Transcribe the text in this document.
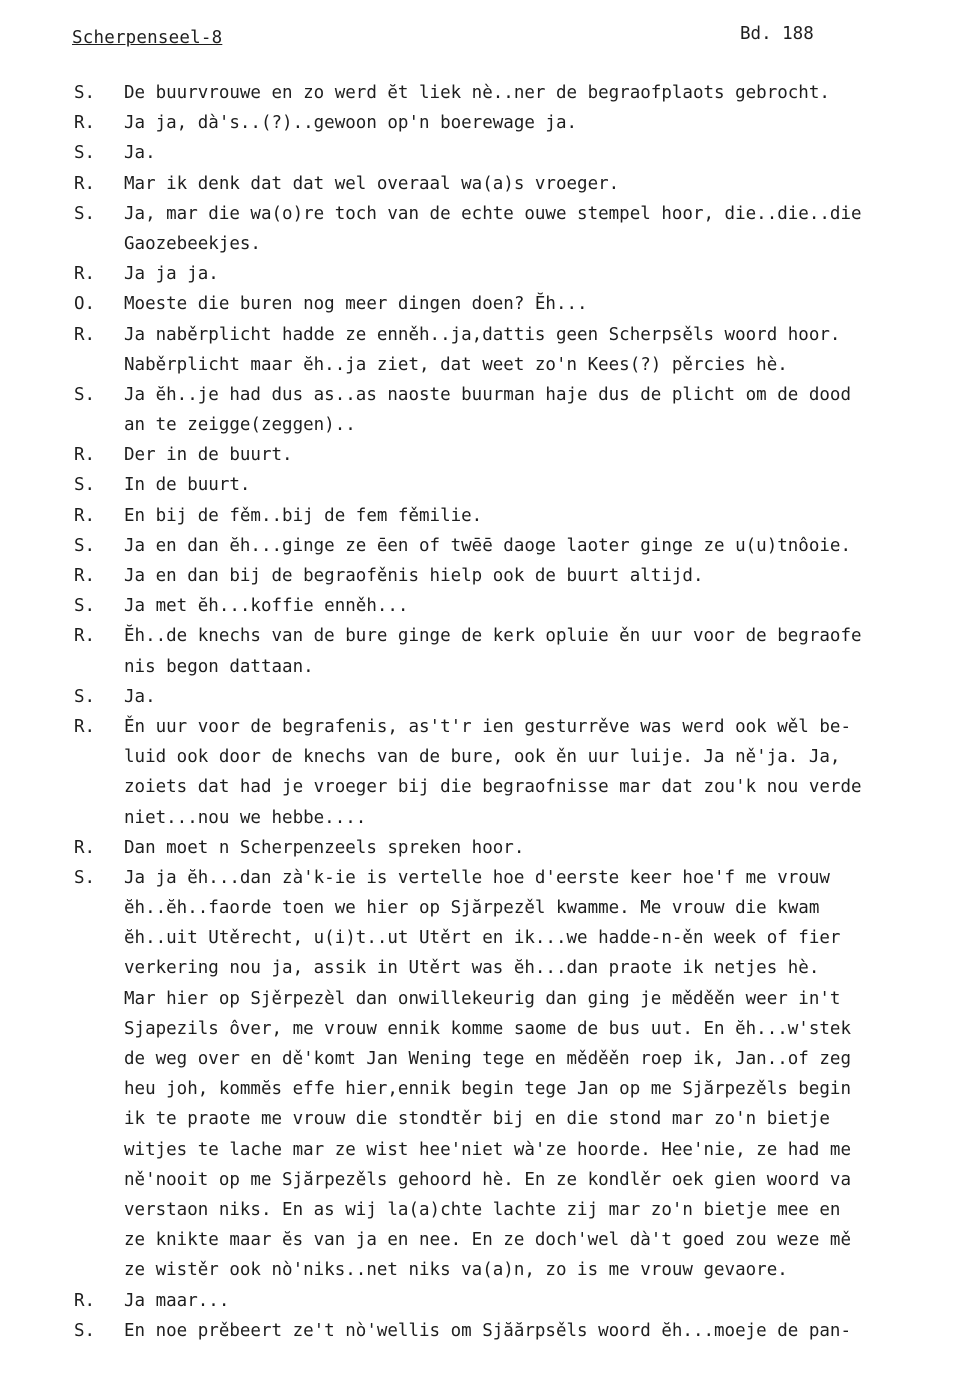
Scherpenseel-8	Bd. 188
S. De buurvrouwe en zo werd ĕt liek nè..ner de begraofplaots gebrocht.
R. Ja ja, dà's..(?)..gewoon op'n boerewage ja.
S. Ja.
R. Mar ik denk dat dat wel overaal wa(a)s vroeger.
S. Ja, mar die wa(o)re toch van de echte ouwe stempel hoor, die..die..die
Gaozebeekjes.
R. Ja ja ja.
O. Moeste die buren nog meer dingen doen? Ĕh...
R. Ja naběrplicht hadde ze enněh..ja,dattis geen Scherpsěls woord hoor.
Naběrplicht maar ĕh..ja ziet, dat weet zo'n Kees(?) pěrcies hè.
S. Ja ĕh..je had dus as..as naoste buurman haje dus de plicht om de dood
an te zeigge(zeggen)..
R. Der in de buurt.
S. In de buurt.
R. En bij de fěm..bij de fem fěmilie.
S. Ja en dan ĕh...ginge ze ēen of twēē daoge laoter ginge ze u(u)tnôoie.
R. Ja en dan bij de begraofěnis hielp ook de buurt altijd.
S. Ja met ĕh...koffie enněh...
R. Ĕh..de knechs van de bure ginge de kerk opluie ěn uur voor de begraofe
nis begon dattaan.
S. Ja.
R. Ěn uur voor de begrafenis, as't'r ien gesturrěve was werd ook wěl be-
luid ook door de knechs van de bure, ook ěn uur luije. Ja ně'ja. Ja,
zoiets dat had je vroeger bij die begraofnisse mar dat zou'k nou verde
niet...nou we hebbe....
R. Dan moet n Scherpenzeels spreken hoor.
S. Ja ja ĕh...dan zà'k-ie is vertelle hoe d'eerste keer hoe'f me vrouw
ĕh..ĕh..faorde toen we hier op Sjărpezěl kwamme. Me vrouw die kwam
ĕh..uit Utěrecht, u(i)t..ut Utěrt en ik...we hadde-n-ěn week of fier
verkering nou ja, assik in Utěrt was ĕh...dan praote ik netjes hè.
Mar hier op Sjěrpezèl dan onwillekeurig dan ging je měděěn weer in't
Sjapezils ôver, me vrouw ennik komme saome de bus uut. En ĕh...w'stek
de weg over en dě'komt Jan Wening tege en měděěn roep ik, Jan..of zeg
heu joh, kommĕs effe hier,ennik begin tege Jan op me Sjărpezěls begin
ik te praote me vrouw die stondtěr bij en die stond mar zo'n bietje
witjes te lache mar ze wist hee'niet wà'ze hoorde. Hee'nie, ze had me
ně'nooit op me Sjărpezěls gehoord hè. En ze kondlěr oek gien woord va
verstaon niks. En as wij la(a)chte lachte zij mar zo'n bietje mee en
ze knikte maar ĕs van ja en nee. En ze doch'wel dà't goed zou weze mě
ze wistěr ook nò'niks..net niks va(a)n, zo is me vrouw gevaore.
R. Ja maar...
S. En noe prěbeert ze't nò'wellis om Sjăărpsěls woord ĕh...moeje de pan-
